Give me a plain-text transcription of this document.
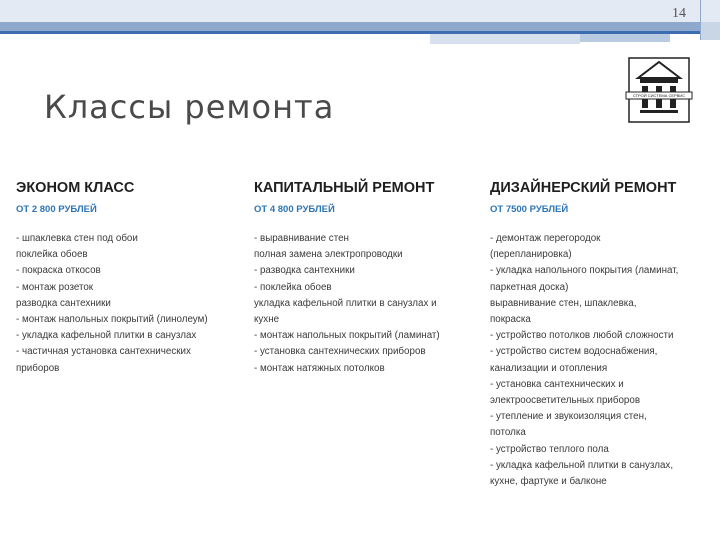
14
Классы ремонта	СТРОЙ СИСТЕМА СЕРВИС

ЭКОНОМ КЛАСС

ОТ 2 800 РУБЛЕЙ

- шпаклевка стен под обои
поклейка обоев
- покраска откосов
- монтаж розеток
разводка сантехники
- монтаж напольных покрытий (линолеум)
- укладка кафельной плитки в санузлах
- частичная установка сантехнических
приборов

КАПИТАЛЬНЫЙ РЕМОНТ

ОТ 4 800 РУБЛЕЙ

- выравнивание стен
полная замена электропроводки
- разводка сантехники
- поклейка обоев
укладка кафельной плитки в санузлах и
кухне
- монтаж напольных покрытий (ламинат)
- установка сантехнических приборов
- монтаж натяжных потолков

ДИЗАЙНЕРСКИЙ РЕМОНТ

ОТ 7500 РУБЛЕЙ

- демонтаж перегородок
(перепланировка)
- укладка напольного покрытия (ламинат,
паркетная доска)
выравнивание стен, шпаклевка,
покраска
- устройство потолков любой сложности
- устройство систем водоснабжения,
канализации и отопления
- установка сантехнических и
электроосветительных приборов
- утепление и звукоизоляция стен,
потолка
- устройство теплого пола
- укладка кафельной плитки в санузлах,
кухне, фартуке и балконе
